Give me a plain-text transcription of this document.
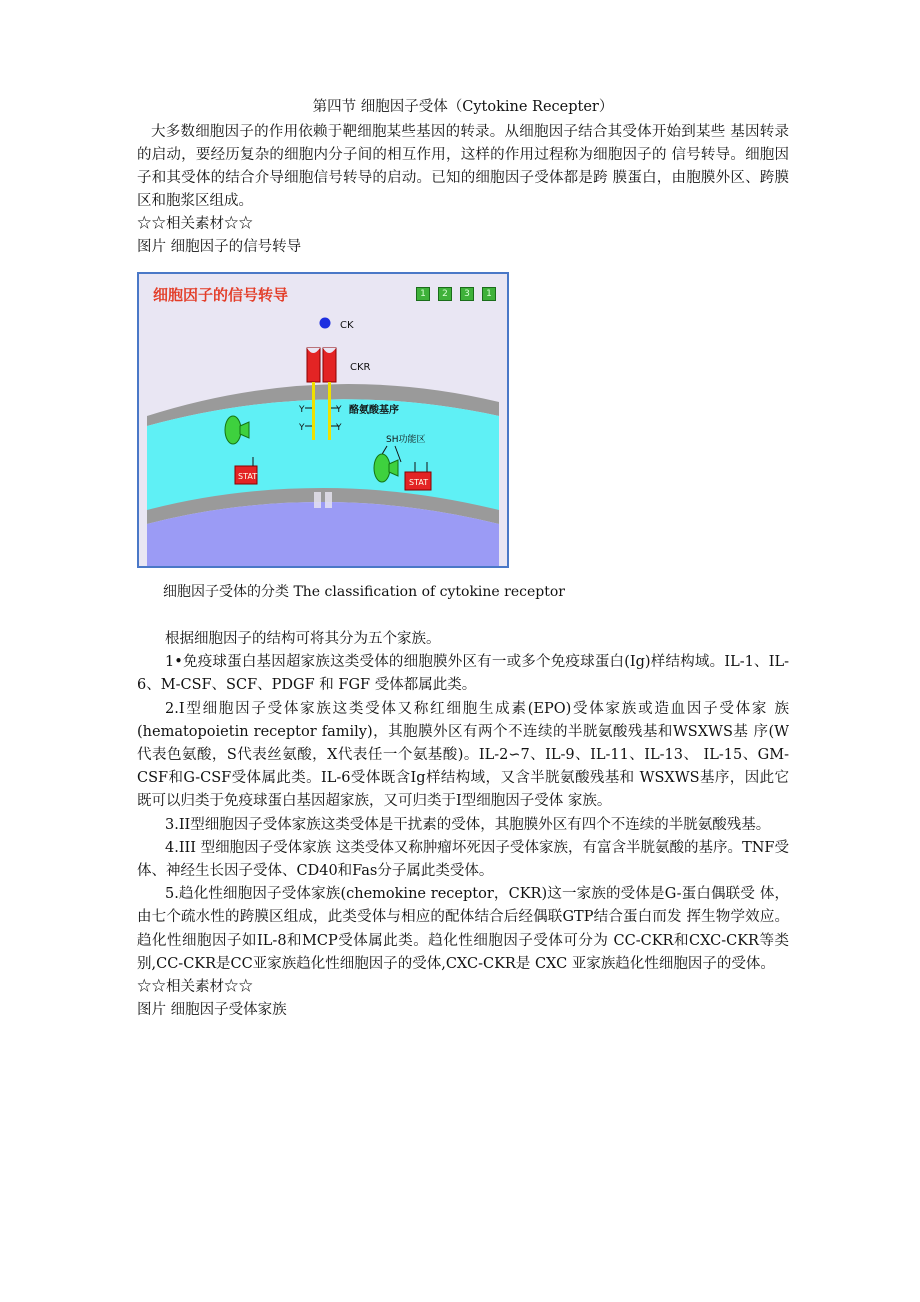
第四节 细胞因子受体（Cytokine Recepter）

大多数细胞因子的作用依赖于靶细胞某些基因的转录。从细胞因子结合其受体开始到某些 基因转录的启动，要经历复杂的细胞内分子间的相互作用，这样的作用过程称为细胞因子的 信号转导。细胞因子和其受体的结合介导细胞信号转导的启动。已知的细胞因子受体都是跨 膜蛋白，由胞膜外区、跨膜区和胞浆区组成。

☆☆相关素材☆☆

图片 细胞因子的信号转导

CK
CKR
Y
Y
Y
Y
酪氨酸基序
STAT
SH功能区
STAT
细胞因子的信号转导	1	2	3	1
细胞因子受体的分类 The classification of cytokine receptor

根据细胞因子的结构可将其分为五个家族。

1•免疫球蛋白基因超家族这类受体的细胞膜外区有一或多个免疫球蛋白(Ig)样结构域。IL-1、IL-6、M-CSF、SCF、PDGF 和 FGF 受体都属此类。

2.I型细胞因子受体家族这类受体又称红细胞生成素(EPO)受体家族或造血因子受体家 族(hematopoietin receptor family)，其胞膜外区有两个不连续的半胱氨酸残基和WSXWS基 序(W代表色氨酸，S代表丝氨酸，X代表任一个氨基酸)。IL-2∽7、IL-9、IL-11、IL-13、 IL-15、GM-CSF和G-CSF受体属此类。IL-6受体既含Ig样结构域，又含半胱氨酸残基和 WSXWS基序，因此它既可以归类于免疫球蛋白基因超家族，又可归类于I型细胞因子受体 家族。

3.II型细胞因子受体家族这类受体是干扰素的受体，其胞膜外区有四个不连续的半胱氨酸残基。

4.III 型细胞因子受体家族 这类受体又称肿瘤坏死因子受体家族，有富含半胱氨酸的基序。TNF受体、神经生长因子受体、CD40和Fas分子属此类受体。

5.趋化性细胞因子受体家族(chemokine receptor，CKR)这一家族的受体是G-蛋白偶联受 体，由七个疏水性的跨膜区组成，此类受体与相应的配体结合后经偶联GTP结合蛋白而发 挥生物学效应。趋化性细胞因子如IL-8和MCP受体属此类。趋化性细胞因子受体可分为 CC-CKR和CXC-CKR等类别,CC-CKR是CC亚家族趋化性细胞因子的受体,CXC-CKR是 CXC 亚家族趋化性细胞因子的受体。

☆☆相关素材☆☆

图片 细胞因子受体家族
